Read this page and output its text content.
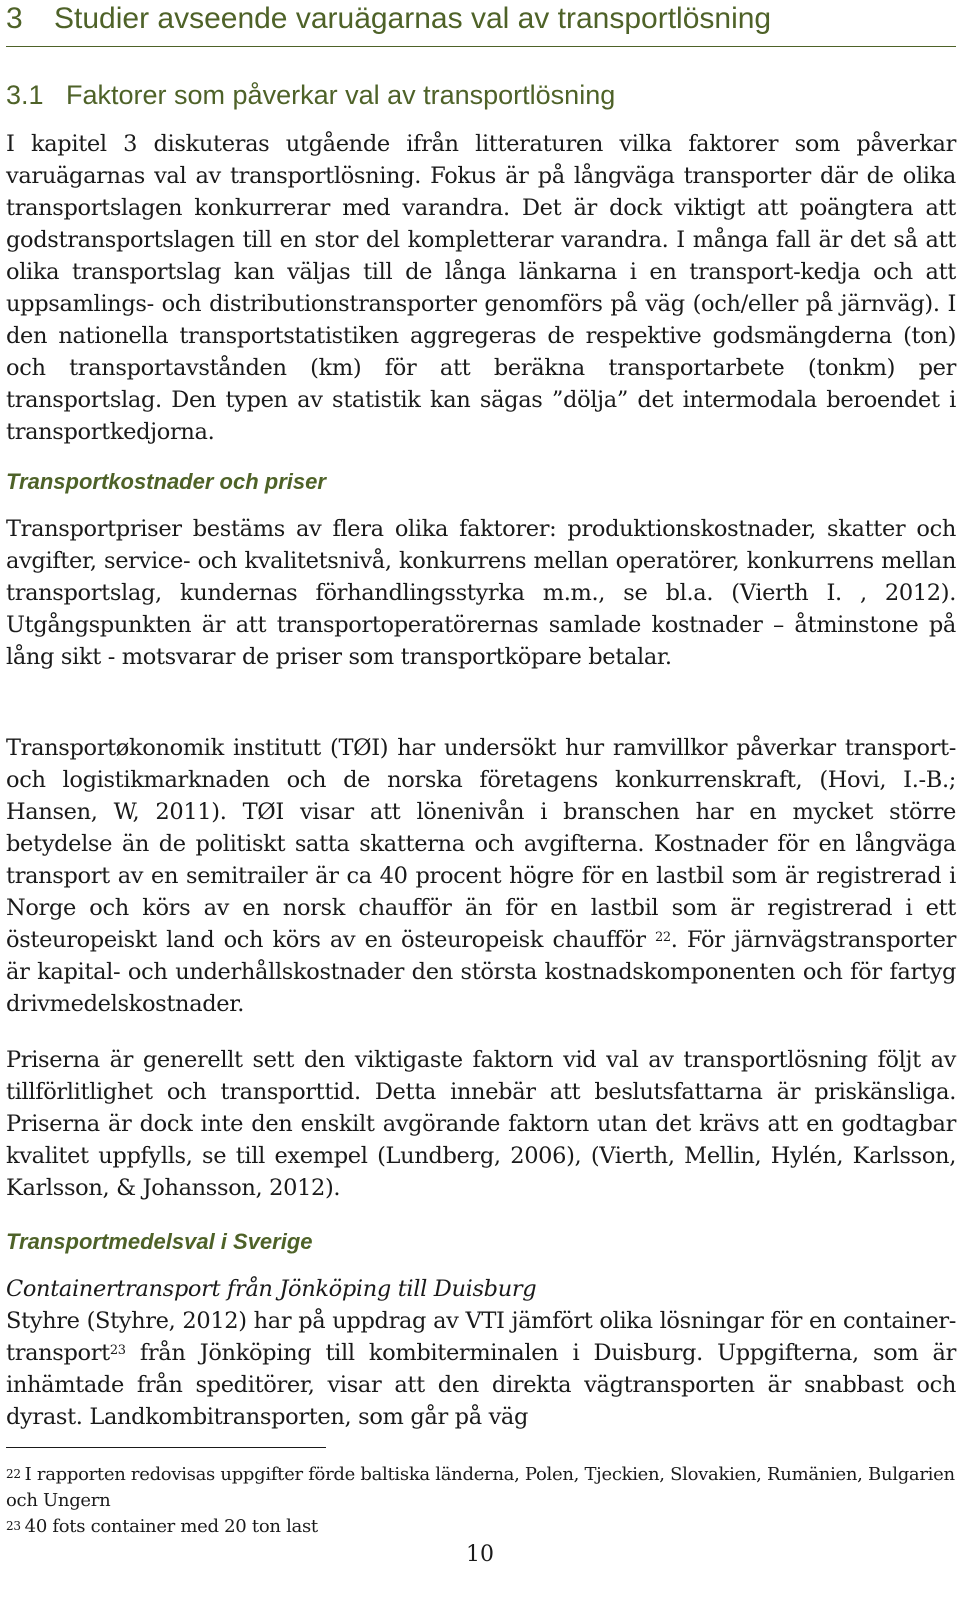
3 Studier avseende varuägarnas val av transportlösning
3.1 Faktorer som påverkar val av transportlösning

I kapitel 3 diskuteras utgående ifrån litteraturen vilka faktorer som påverkar varuägarnas val av transportlösning. Fokus är på långväga transporter där de olika transportslagen konkurrerar med varandra. Det är dock viktigt att poängtera att godstransportslagen till en stor del kompletterar varandra. I många fall är det så att olika transportslag kan väljas till de långa länkarna i en transport-kedja och att uppsamlings- och distributionstransporter genomförs på väg (och/eller på järnväg). I den nationella transportstatistiken aggregeras de respektive godsmängderna (ton) och transportavstånden (km) för att beräkna transportarbete (tonkm) per transportslag. Den typen av statistik kan sägas ”dölja” det intermodala beroendet i transportkedjorna.

Transportkostnader och priser

Transportpriser bestäms av flera olika faktorer: produktionskostnader, skatter och avgifter, service- och kvalitetsnivå, konkurrens mellan operatörer, konkurrens mellan transportslag, kundernas förhandlingsstyrka m.m., se bl.a. (Vierth I. , 2012). Utgångspunkten är att transportoperatörernas samlade kostnader – åtminstone på lång sikt - motsvarar de priser som transportköpare betalar.

Transportøkonomik institutt (TØI) har undersökt hur ramvillkor påverkar transport- och logistikmarknaden och de norska företagens konkurrenskraft, (Hovi, I.-B.; Hansen, W, 2011). TØI visar att lönenivån i branschen har en mycket större betydelse än de politiskt satta skatterna och avgifterna. Kostnader för en långväga transport av en semitrailer är ca 40 procent högre för en lastbil som är registrerad i Norge och körs av en norsk chaufför än för en lastbil som är registrerad i ett östeuropeiskt land och körs av en östeuropeisk chaufför $^{22}$. För järnvägstransporter är kapital- och underhållskostnader den största kostnadskomponenten och för fartyg drivmedelskostnader.

Priserna är generellt sett den viktigaste faktorn vid val av transportlösning följt av tillförlitlighet och transporttid. Detta innebär att beslutsfattarna är priskänsliga. Priserna är dock inte den enskilt avgörande faktorn utan det krävs att en godtagbar kvalitet uppfylls, se till exempel (Lundberg, 2006), (Vierth, Mellin, Hylén, Karlsson, Karlsson, & Johansson, 2012).

Transportmedelsval i Sverige
Containertransport från Jönköping till Duisburg

Styhre (Styhre, 2012) har på uppdrag av VTI jämfört olika lösningar för en container-transport$^{23}$ från Jönköping till kombiterminalen i Duisburg. Uppgifterna, som är inhämtade från speditörer, visar att den direkta vägtransporten är snabbast och dyrast. Landkombitransporten, som går på väg

$^{22}$ I rapporten redovisas uppgifter förde baltiska länderna, Polen, Tjeckien, Slovakien, Rumänien, Bulgarien och Ungern

$^{23}$ 40 fots container med 20 ton last

10
